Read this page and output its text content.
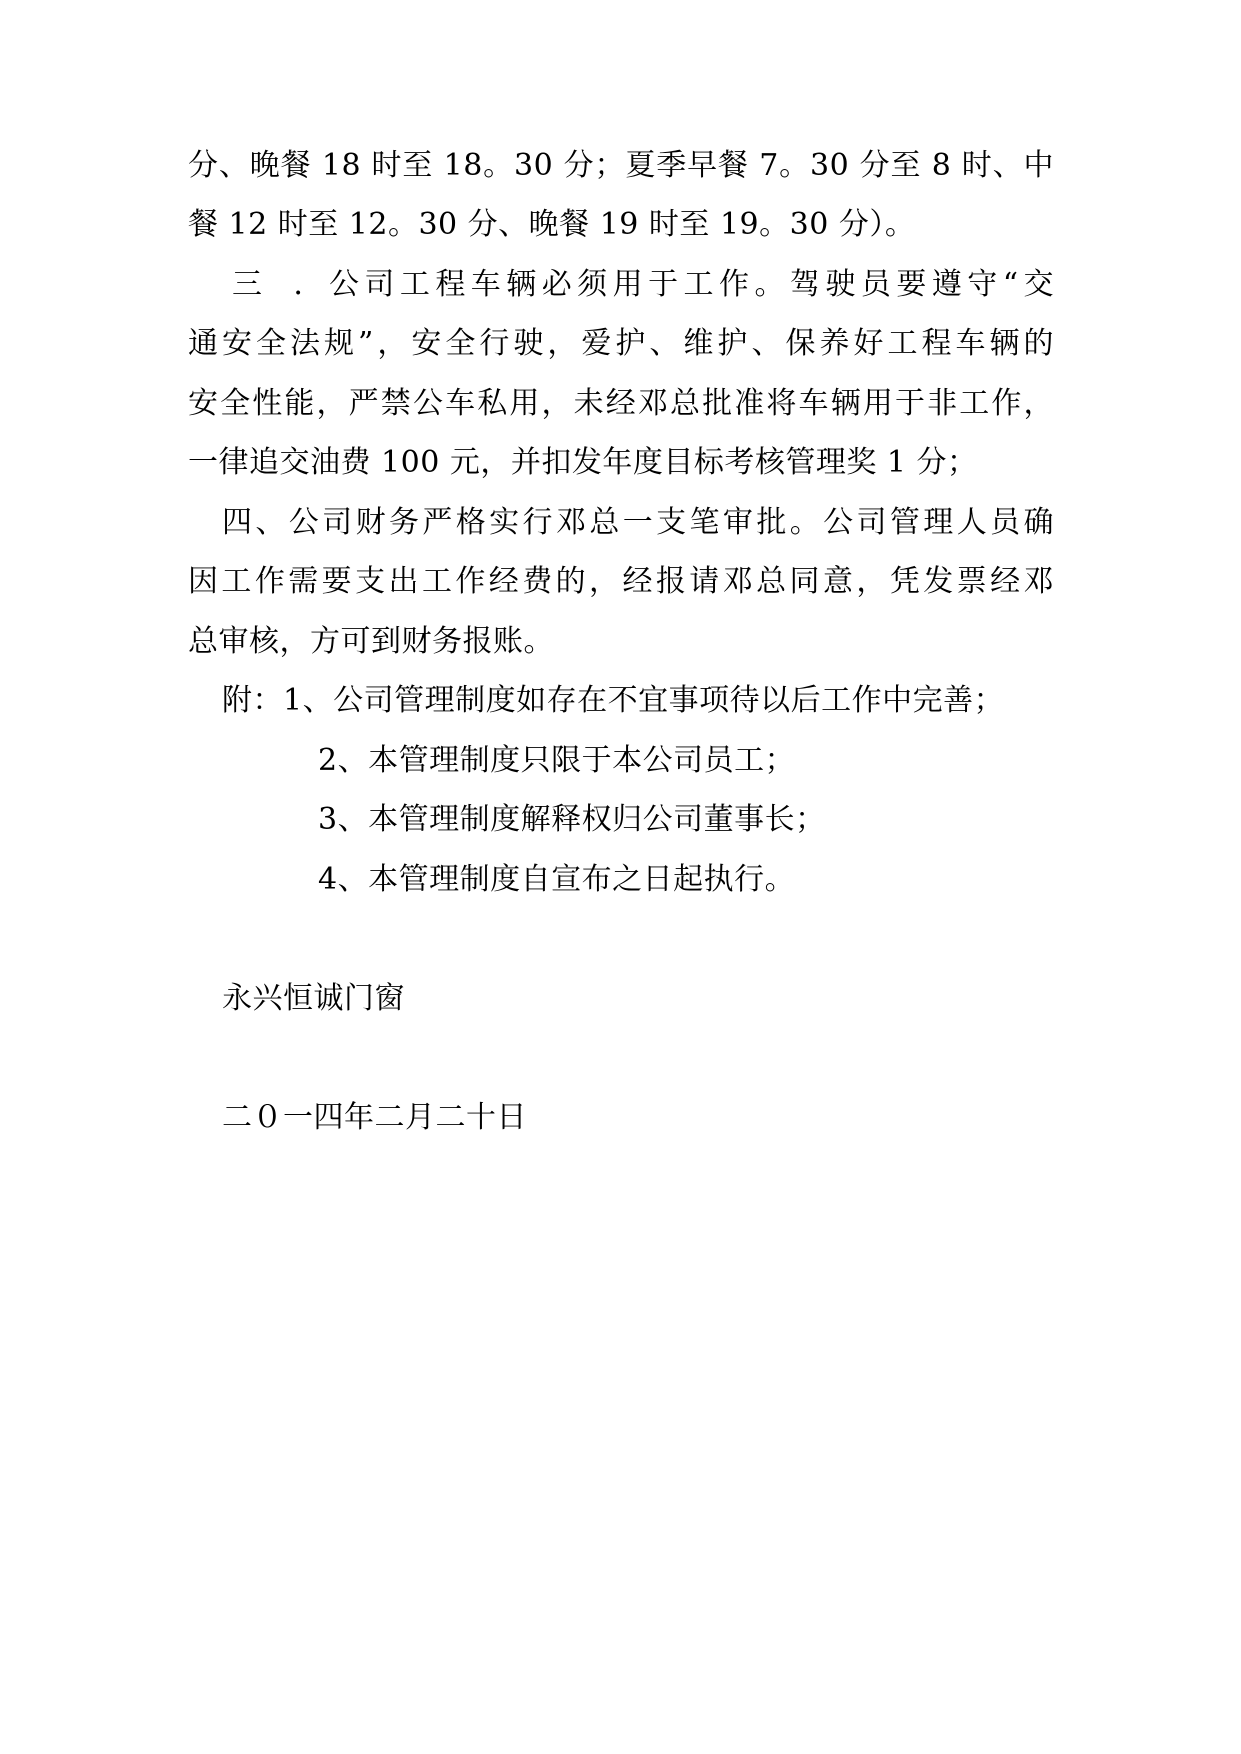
分、晚餐 18 时至 18。30 分；夏季早餐 7。30 分至 8 时、中
餐 12 时至 12。30 分、晚餐 19 时至 19。30 分）。
三．公司工程车辆必须用于工作。驾驶员要遵守“交
通安全法规”，安全行驶，爱护、维护、保养好工程车辆的
安全性能，严禁公车私用，未经邓总批准将车辆用于非工作，
一律追交油费 100 元，并扣发年度目标考核管理奖 1 分；
四、公司财务严格实行邓总一支笔审批。公司管理人员确
因工作需要支出工作经费的，经报请邓总同意，凭发票经邓
总审核，方可到财务报账。
附：1、公司管理制度如存在不宜事项待以后工作中完善；
2、本管理制度只限于本公司员工；
3、本管理制度解释权归公司董事长；
4、本管理制度自宣布之日起执行。
永兴恒诚门窗
二０一四年二月二十日
